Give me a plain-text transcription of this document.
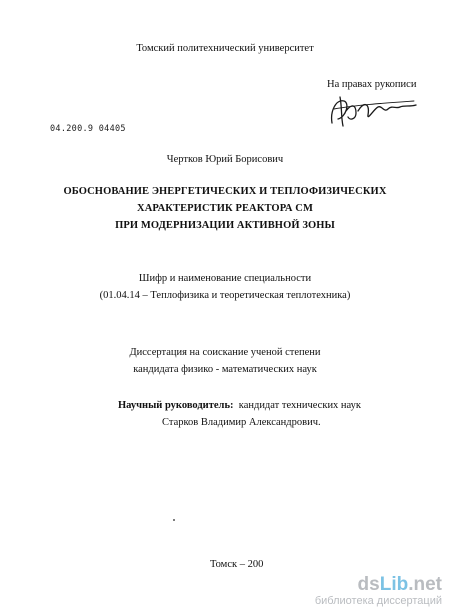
Томский политехнический университет
На правах рукописи
04.200.9 04405
Чертков Юрий Борисович
ОБОСНОВАНИЕ ЭНЕРГЕТИЧЕСКИХ И ТЕПЛОФИЗИЧЕСКИХ
ХАРАКТЕРИСТИК РЕАКТОРА СМ
ПРИ МОДЕРНИЗАЦИИ АКТИВНОЙ ЗОНЫ
Шифр и наименование специальности
(01.04.14 – Теплофизика и теоретическая теплотехника)
Диссертация на соискание ученой степени
кандидата физико - математических наук
Научный руководитель: кандидат технических наук
Старков Владимир Александрович.
Томск – 200
dsLib.net
библиотека диссертаций
